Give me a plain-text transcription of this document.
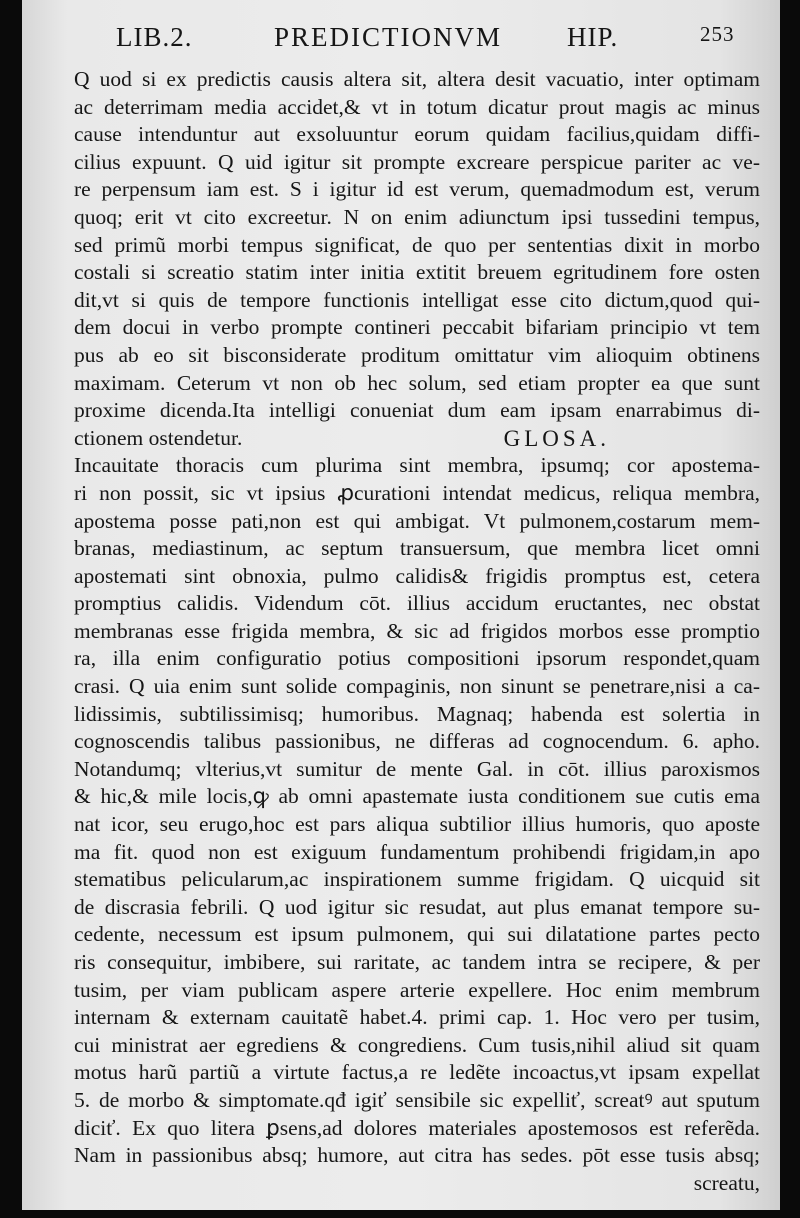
LIB.2.	PREDICTIONVM HIP.	253
Q uod si ex predictis causis altera sit, altera desit vacuatio, inter optimam
ac deterrimam media accidet,& vt in totum dicatur prout magis ac minus
cause intenduntur aut exsoluuntur eorum quidam facilius,quidam diffi-
cilius expuunt. Q uid igitur sit prompte excreare perspicue pariter ac ve-
re perpensum iam est. S i igitur id est verum, quemadmodum est, verum
quoq; erit vt cito excreetur. N on enim adiunctum ipsi tussedini tempus,
sed primũ morbi tempus significat, de quo per sententias dixit in morbo
costali si screatio statim inter initia extitit breuem egritudinem fore osten
dit,vt si quis de tempore functionis intelligat esse cito dictum,quod qui-
dem docui in verbo prompte contineri peccabit bifariam principio vt tem
pus ab eo sit bisconsiderate proditum omittatur vim alioquim obtinens
maximam. Ceterum vt non ob hec solum, sed etiam propter ea que sunt
proxime dicenda.Ita intelligi conueniat dum eam ipsam enarrabimus di-
ctionem ostendetur.	GLOSA.
Incauitate thoracis cum plurima sint membra, ipsumq; cor apostema-
ri non possit, sic vt ipsius ꝓcurationi intendat medicus, reliqua membra,
apostema posse pati,non est qui ambigat. Vt pulmonem,costarum mem-
branas, mediastinum, ac septum transuersum, que membra licet omni
apostemati sint obnoxia, pulmo calidis& frigidis promptus est, cetera
promptius calidis. Videndum cōt. illius accidum eructantes, nec obstat
membranas esse frigida membra, & sic ad frigidos morbos esse promptio
ra, illa enim configuratio potius compositioni ipsorum respondet,quam
crasi. Q uia enim sunt solide compaginis, non sinunt se penetrare,nisi a ca-
lidissimis, subtilissimisq; humoribus. Magnaq; habenda est solertia in
cognoscendis talibus passionibus, ne differas ad cognocendum. 6. apho.
Notandumq; vlterius,vt sumitur de mente Gal. in cōt. illius paroxismos
& hic,& mile locis,ꝙ ab omni apastemate iusta conditionem sue cutis ema
nat icor, seu erugo,hoc est pars aliqua subtilior illius humoris, quo aposte
ma fit. quod non est exiguum fundamentum prohibendi frigidam,in apo
stematibus pelicularum,ac inspirationem summe frigidam. Q uicquid sit
de discrasia febrili. Q uod igitur sic resudat, aut plus emanat tempore su-
cedente, necessum est ipsum pulmonem, qui sui dilatatione partes pecto
ris consequitur, imbibere, sui raritate, ac tandem intra se recipere, & per
tusim, per viam publicam aspere arterie expellere. Hoc enim membrum
internam & externam cauitatẽ habet.4. primi cap. 1. Hoc vero per tusim,
cui ministrat aer egrediens & congrediens. Cum tusis,nihil aliud sit quam
motus harũ partiũ a virtute factus,a re ledẽte incoactus,vt ipsam expellat
5. de morbo & simptomate.qđ igiť sensibile sic expelliť, screatꝰ aut sputum
diciť. Ex quo litera ꝑsens,ad dolores materiales apostemosos est referẽda.
Nam in passionibus absq; humore, aut citra has sedes. pōt esse tusis absq;
screatu,
